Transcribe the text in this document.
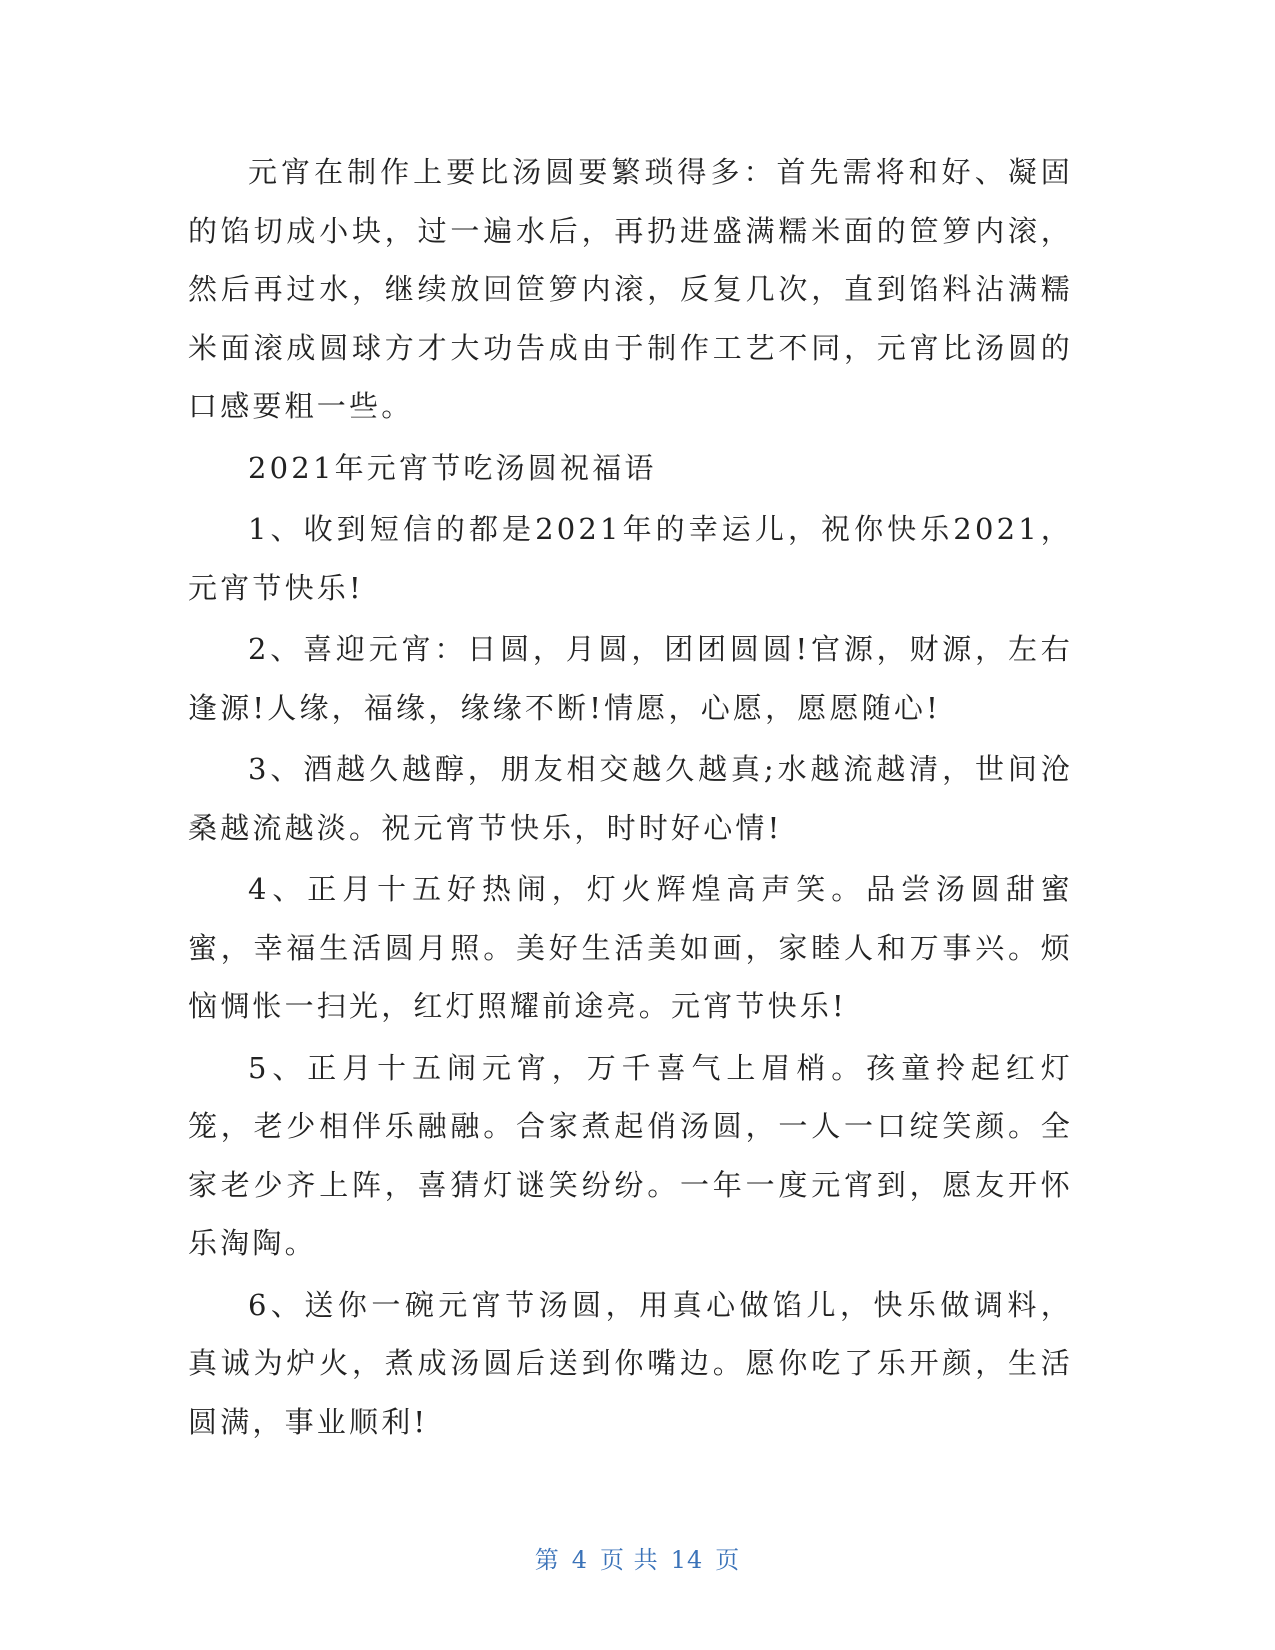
元宵在制作上要比汤圆要繁琐得多：首先需将和好、凝固的馅切成小块，过一遍水后，再扔进盛满糯米面的笸箩内滚，然后再过水，继续放回笸箩内滚，反复几次，直到馅料沾满糯米面滚成圆球方才大功告成由于制作工艺不同，元宵比汤圆的口感要粗一些。

2021年元宵节吃汤圆祝福语

1、收到短信的都是2021年的幸运儿，祝你快乐2021，元宵节快乐!

2、喜迎元宵：日圆，月圆，团团圆圆!官源，财源，左右逢源!人缘，福缘，缘缘不断!情愿，心愿，愿愿随心!

3、酒越久越醇，朋友相交越久越真;水越流越清，世间沧桑越流越淡。祝元宵节快乐，时时好心情!

4、正月十五好热闹，灯火辉煌高声笑。品尝汤圆甜蜜蜜，幸福生活圆月照。美好生活美如画，家睦人和万事兴。烦恼惆怅一扫光，红灯照耀前途亮。元宵节快乐!

5、正月十五闹元宵，万千喜气上眉梢。孩童拎起红灯笼，老少相伴乐融融。合家煮起俏汤圆，一人一口绽笑颜。全家老少齐上阵，喜猜灯谜笑纷纷。一年一度元宵到，愿友开怀乐淘陶。

6、送你一碗元宵节汤圆，用真心做馅儿，快乐做调料，真诚为炉火，煮成汤圆后送到你嘴边。愿你吃了乐开颜，生活圆满，事业顺利!

第 4 页 共 14 页
